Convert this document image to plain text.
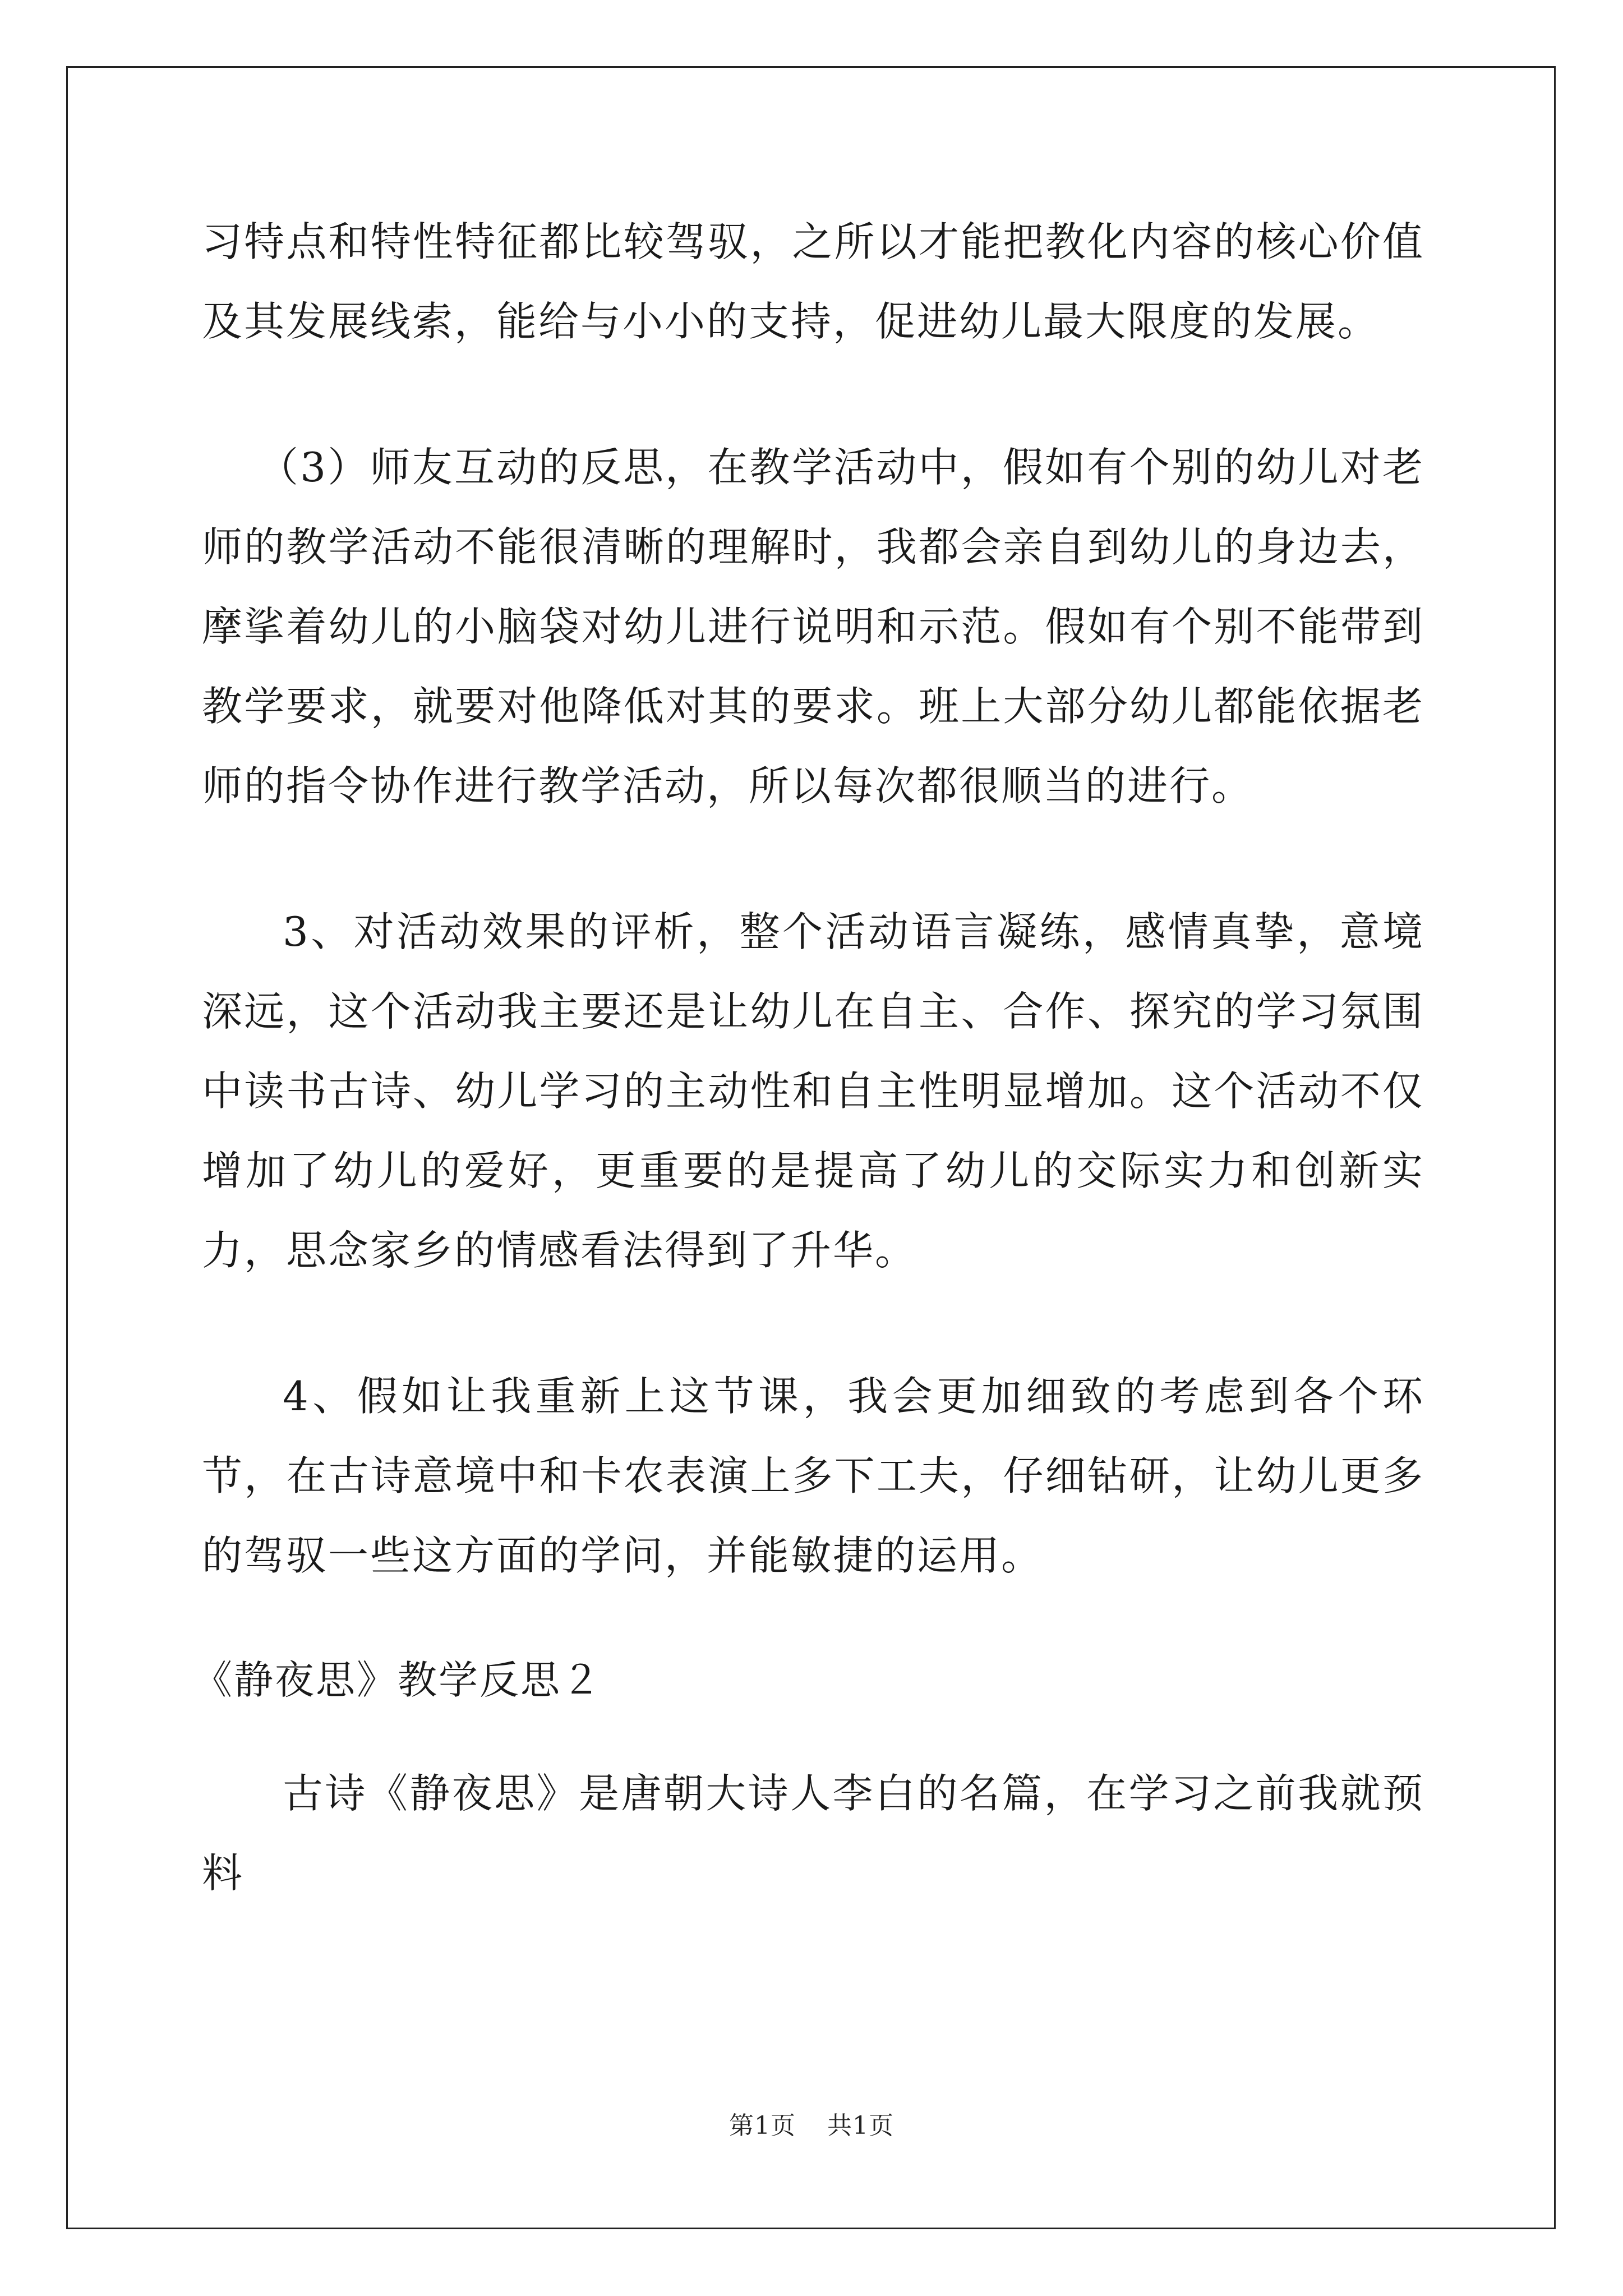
习特点和特性特征都比较驾驭，之所以才能把教化内容的核心价值及其发展线索，能给与小小的支持，促进幼儿最大限度的发展。

（3）师友互动的反思，在教学活动中，假如有个别的幼儿对老师的教学活动不能很清晰的理解时，我都会亲自到幼儿的身边去，摩挲着幼儿的小脑袋对幼儿进行说明和示范。假如有个别不能带到教学要求，就要对他降低对其的要求。班上大部分幼儿都能依据老师的指令协作进行教学活动，所以每次都很顺当的进行。

3、对活动效果的评析，整个活动语言凝练，感情真挚，意境深远，这个活动我主要还是让幼儿在自主、合作、探究的学习氛围中读书古诗、幼儿学习的主动性和自主性明显增加。这个活动不仅增加了幼儿的爱好，更重要的是提高了幼儿的交际实力和创新实力，思念家乡的情感看法得到了升华。

4、假如让我重新上这节课，我会更加细致的考虑到各个环节，在古诗意境中和卡农表演上多下工夫，仔细钻研，让幼儿更多的驾驭一些这方面的学问，并能敏捷的运用。

《静夜思》教学反思２

古诗《静夜思》是唐朝大诗人李白的名篇，在学习之前我就预料

第1页 共1页
